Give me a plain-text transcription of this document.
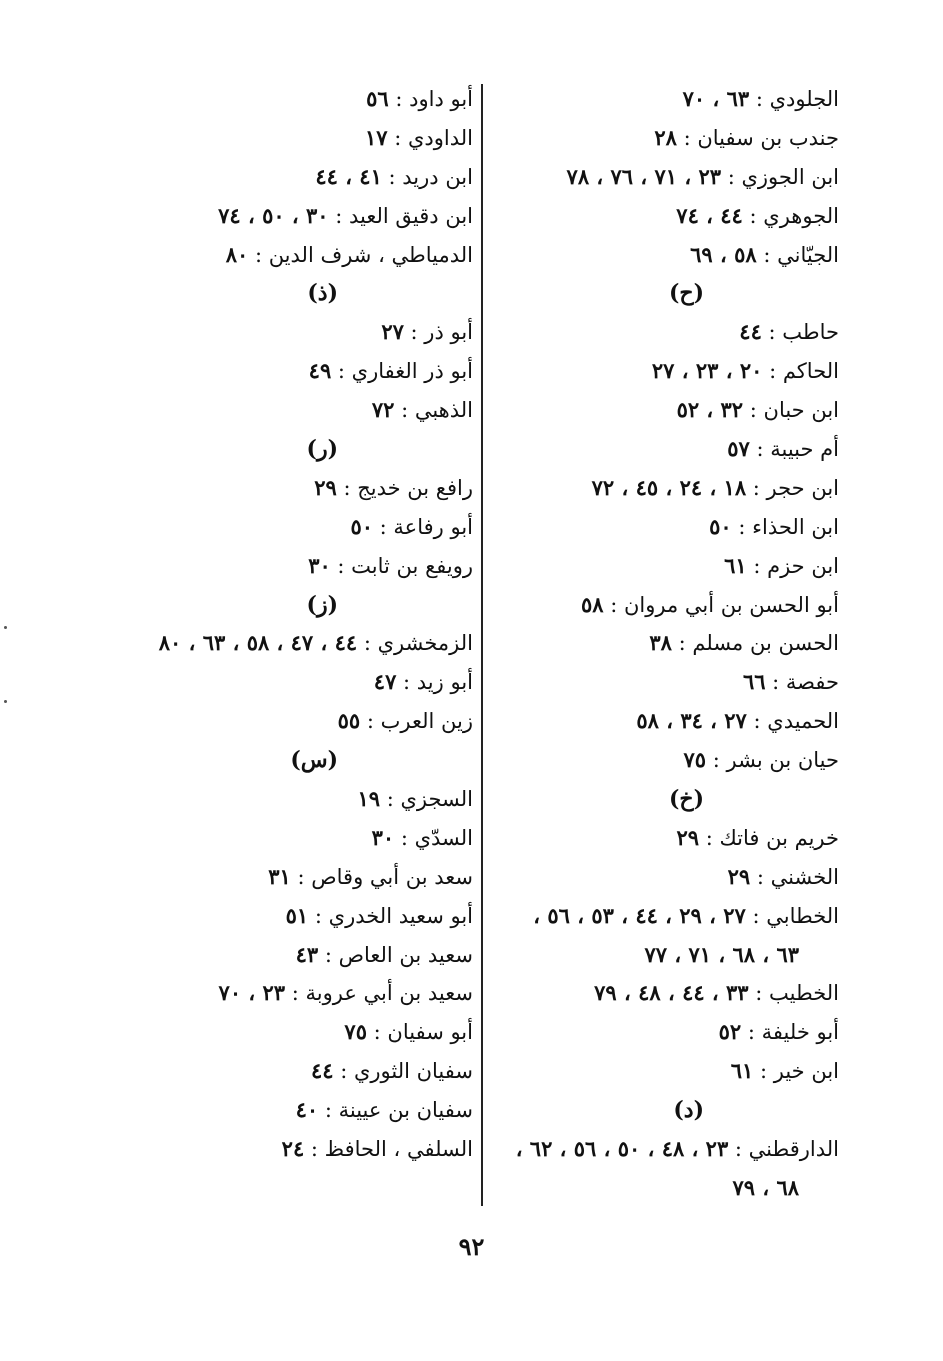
الجلودي : ٦٣ ، ٧٠
جندب بن سفيان : ٢٨
ابن الجوزي : ٢٣ ، ٧١ ، ٧٦ ، ٧٨
الجوهري : ٤٤ ، ٧٤
الجيّاني : ٥٨ ، ٦٩
(ح)
حاطب : ٤٤
الحاكم : ٢٠ ، ٢٣ ، ٢٧
ابن حبان : ٣٢ ، ٥٢
أم حبيبة : ٥٧
ابن حجر : ١٨ ، ٢٤ ، ٤٥ ، ٧٢
ابن الحذاء : ٥٠
ابن حزم : ٦١
أبو الحسن بن أبي مروان : ٥٨
الحسن بن مسلم : ٣٨
حفصة : ٦٦
الحميدي : ٢٧ ، ٣٤ ، ٥٨
حيان بن بشر : ٧٥
(خ)
خريم بن فاتك : ٢٩
الخشني : ٢٩
الخطابي : ٢٧ ، ٢٩ ، ٤٤ ، ٥٣ ، ٥٦ ،
٦٣ ، ٦٨ ، ٧١ ، ٧٧
الخطيب : ٣٣ ، ٤٤ ، ٤٨ ، ٧٩
أبو خليفة : ٥٢
ابن خير : ٦١
(د)
الدارقطني : ٢٣ ، ٤٨ ، ٥٠ ، ٥٦ ، ٦٢ ،
٦٨ ، ٧٩
أبو داود : ٥٦
الداودي : ١٧
ابن دريد : ٤١ ، ٤٤
ابن دقيق العيد : ٣٠ ، ٥٠ ، ٧٤
الدمياطي ، شرف الدين : ٨٠
(ذ)
أبو ذر : ٢٧
أبو ذر الغفاري : ٤٩
الذهبي : ٧٢
(ر)
رافع بن خديج : ٢٩
أبو رفاعة : ٥٠
رويفع بن ثابت : ٣٠
(ز)
الزمخشري : ٤٤ ، ٤٧ ، ٥٨ ، ٦٣ ، ٨٠
أبو زيد : ٤٧
زين العرب : ٥٥
(س)
السجزي : ١٩
السدّي : ٣٠
سعد بن أبي وقاص : ٣١
أبو سعيد الخدري : ٥١
سعيد بن العاص : ٤٣
سعيد بن أبي عروبة : ٢٣ ، ٧٠
أبو سفيان : ٧٥
سفيان الثوري : ٤٤
سفيان بن عيينة : ٤٠
السلفي ، الحافظ : ٢٤
٩٢
